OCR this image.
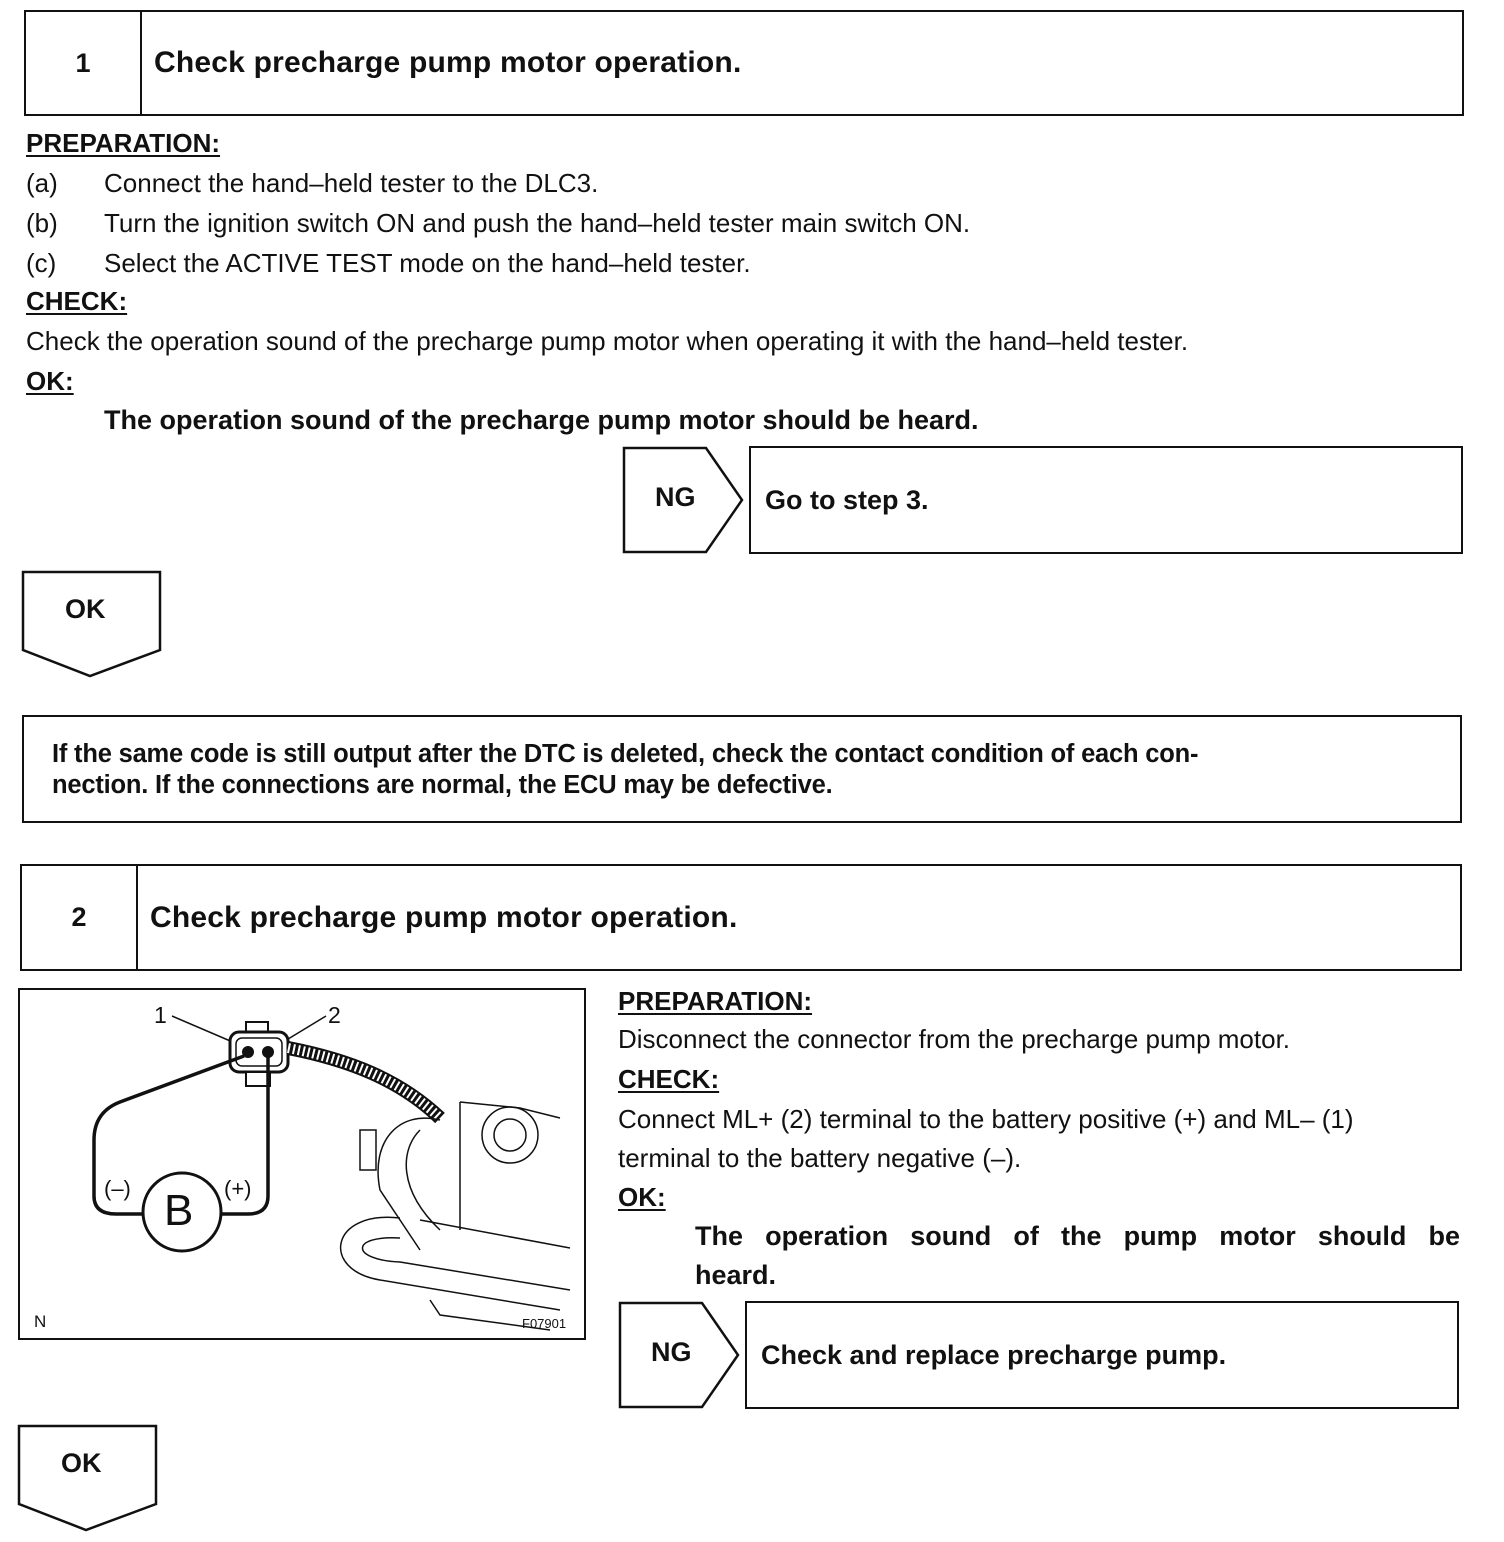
1	Check precharge pump motor operation.
PREPARATION:
(a) Connect the hand–held tester to the DLC3.
(b) Turn the ignition switch ON and push the hand–held tester main switch ON.
(c) Select the ACTIVE TEST mode on the hand–held tester.
CHECK:
Check the operation sound of the precharge pump motor when operating it with the hand–held tester.
OK:
The operation sound of the precharge pump motor should be heard.
NG	Go to step 3.
OK
If the same code is still output after the DTC is deleted, check the contact condition of each con-
nection. If the connections are normal, the ECU may be defective.
2	Check precharge pump motor operation.
1	2
(–)	(+)
B
N	F07901
PREPARATION:
Disconnect the connector from the precharge pump motor.
CHECK:
Connect ML+ (2) terminal to the battery positive (+) and ML– (1)
terminal to the battery negative (–).
OK:
The operation sound of the pump motor should be
heard.
NG	Check and replace precharge pump.
OK
